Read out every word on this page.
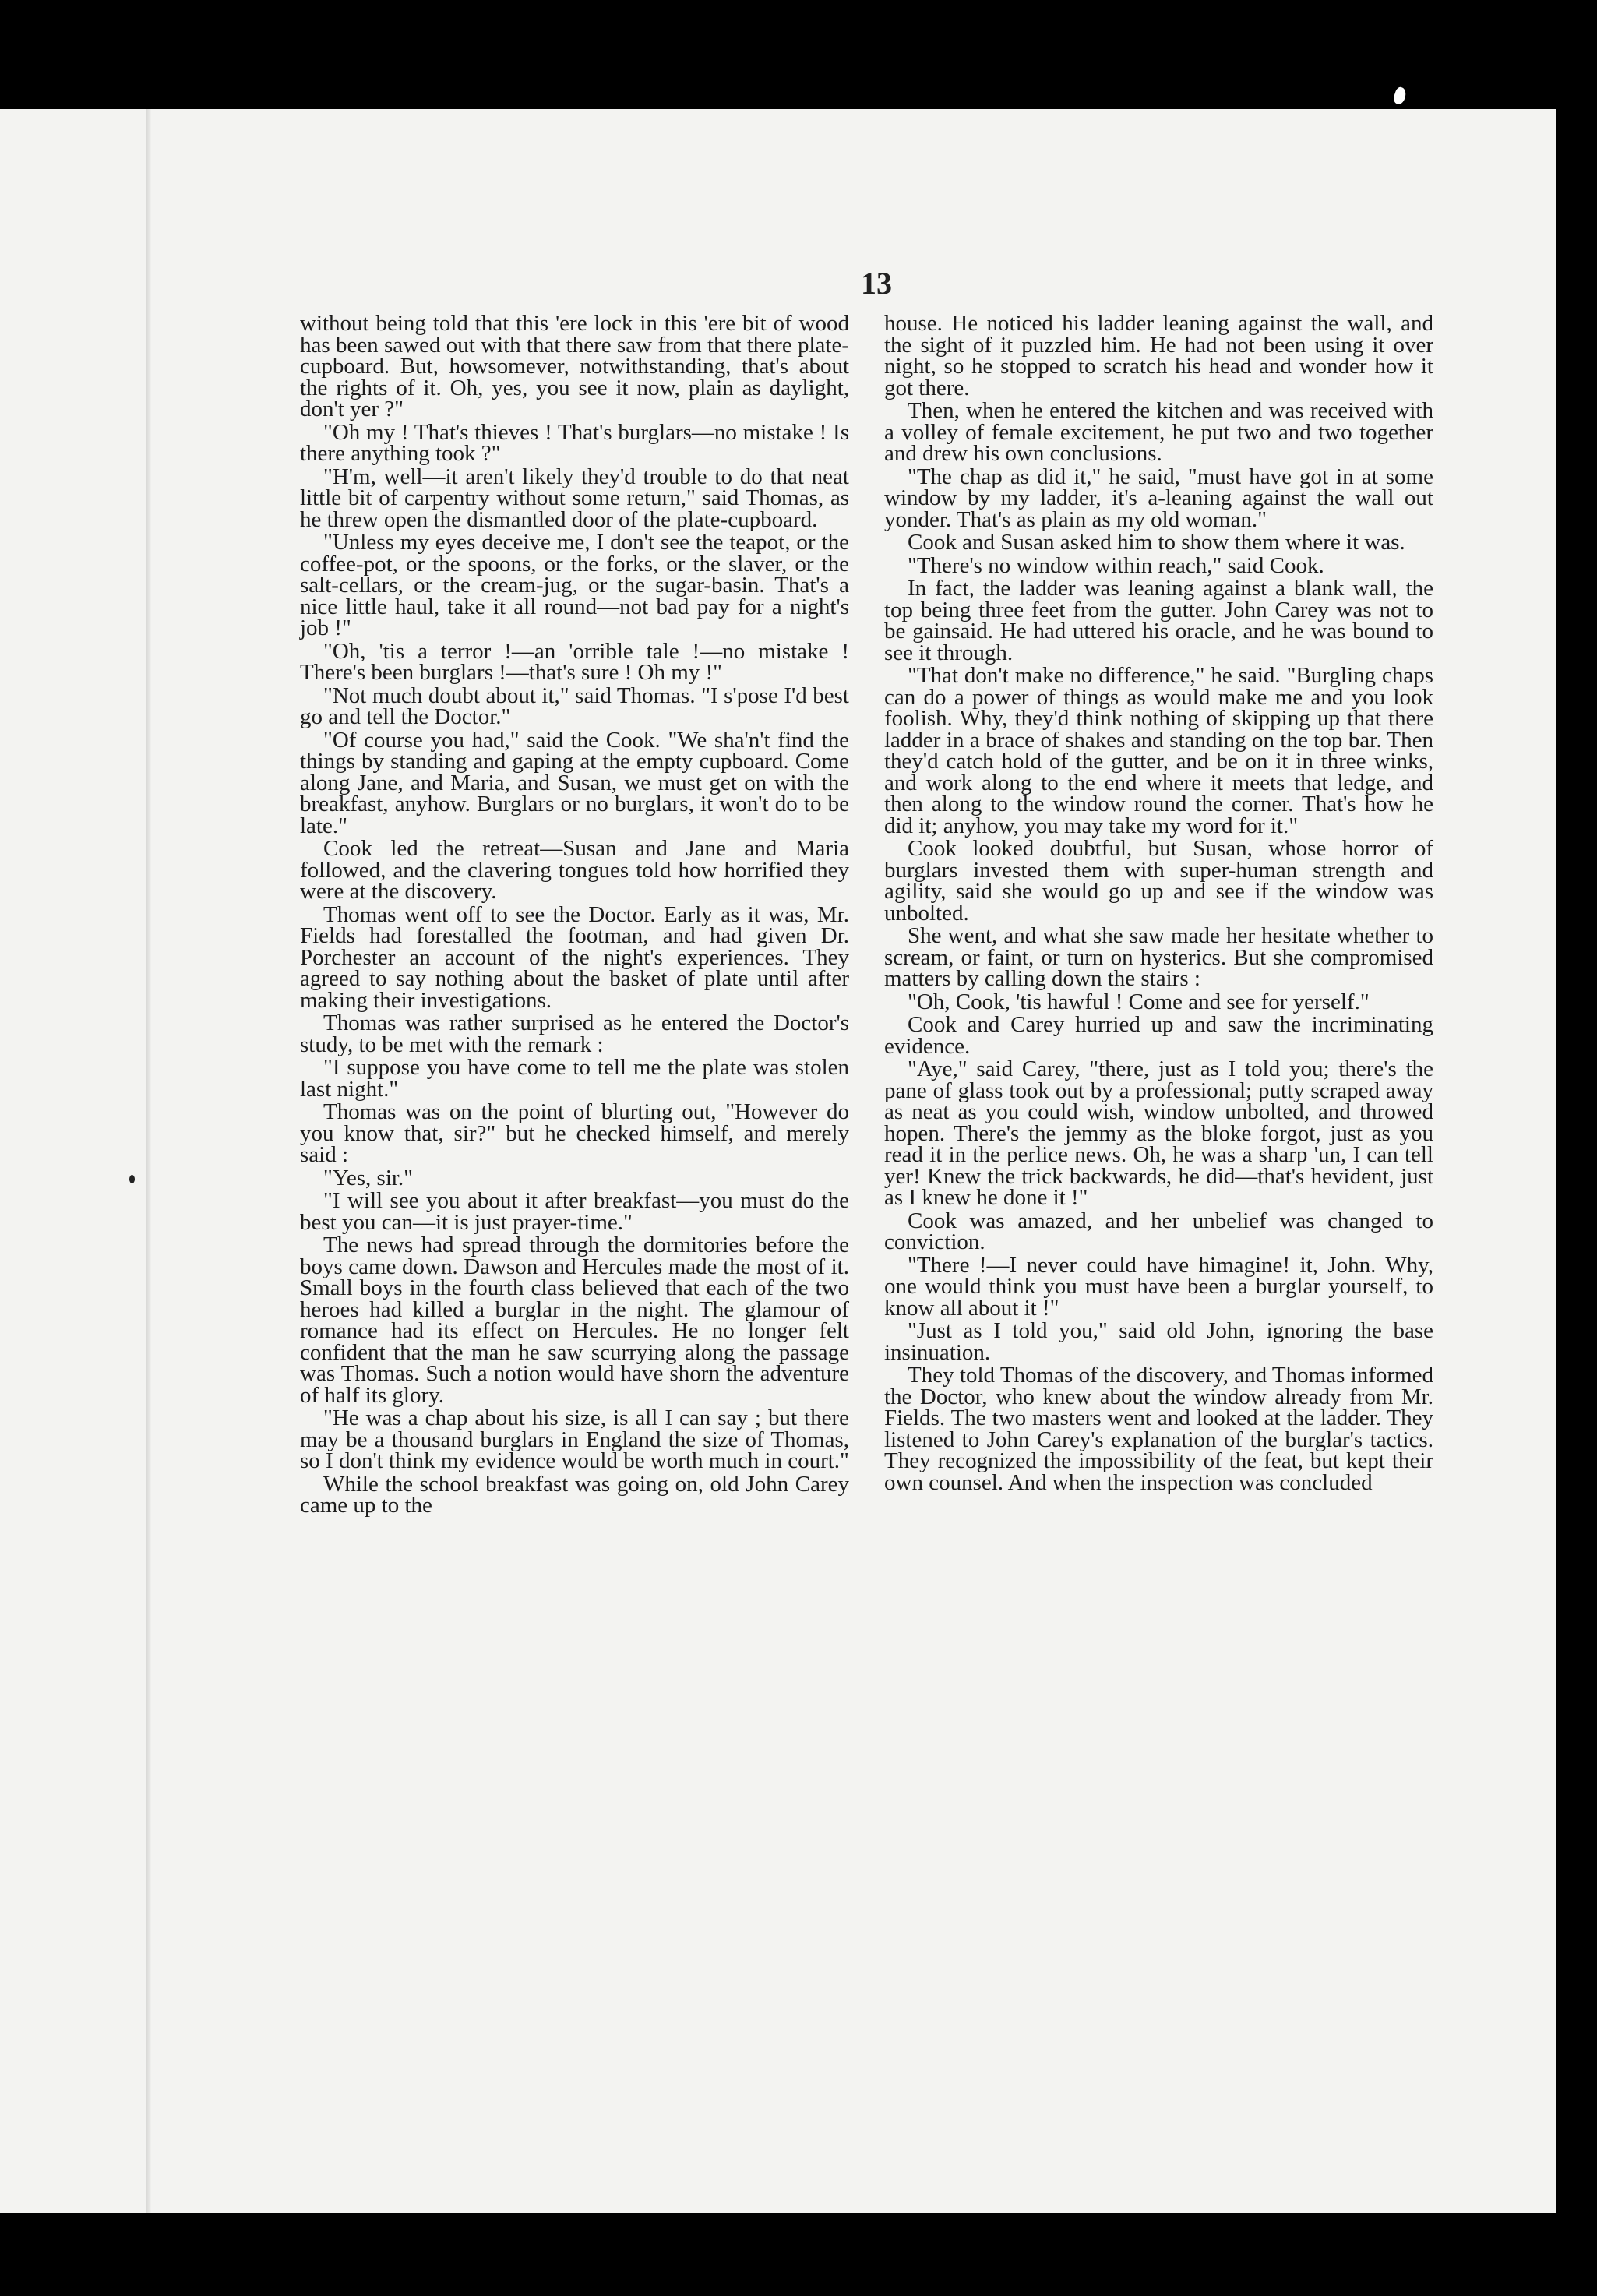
13

without being told that this 'ere lock in this 'ere bit of wood has been sawed out with that there saw from that there plate-cupboard. But, howsomever, notwithstanding, that's about the rights of it. Oh, yes, you see it now, plain as daylight, don't yer ?"

"Oh my ! That's thieves ! That's burglars—no mistake ! Is there anything took ?"

"H'm, well—it aren't likely they'd trouble to do that neat little bit of carpentry without some return," said Thomas, as he threw open the dismantled door of the plate-cupboard.

"Unless my eyes deceive me, I don't see the teapot, or the coffee-pot, or the spoons, or the forks, or the slaver, or the salt-cellars, or the cream-jug, or the sugar-basin. That's a nice little haul, take it all round—not bad pay for a night's job !"

"Oh, 'tis a terror !—an 'orrible tale !—no mistake ! There's been burglars !—that's sure ! Oh my !"

"Not much doubt about it," said Thomas. "I s'pose I'd best go and tell the Doctor."

"Of course you had," said the Cook. "We sha'n't find the things by standing and gaping at the empty cupboard. Come along Jane, and Maria, and Susan, we must get on with the breakfast, anyhow. Burglars or no burglars, it won't do to be late."

Cook led the retreat—Susan and Jane and Maria followed, and the clavering tongues told how horrified they were at the discovery.

Thomas went off to see the Doctor. Early as it was, Mr. Fields had forestalled the footman, and had given Dr. Porchester an account of the night's experiences. They agreed to say nothing about the basket of plate until after making their investigations.

Thomas was rather surprised as he entered the Doctor's study, to be met with the remark :

"I suppose you have come to tell me the plate was stolen last night."

Thomas was on the point of blurting out, "However do you know that, sir?" but he checked himself, and merely said :

"Yes, sir."

"I will see you about it after breakfast—you must do the best you can—it is just prayer-time."

The news had spread through the dormitories before the boys came down. Dawson and Hercules made the most of it. Small boys in the fourth class believed that each of the two heroes had killed a burglar in the night. The glamour of romance had its effect on Hercules. He no longer felt confident that the man he saw scurrying along the passage was Thomas. Such a notion would have shorn the adventure of half its glory.

"He was a chap about his size, is all I can say ; but there may be a thousand burglars in England the size of Thomas, so I don't think my evidence would be worth much in court."

While the school breakfast was going on, old John Carey came up to the

house. He noticed his ladder leaning against the wall, and the sight of it puzzled him. He had not been using it over night, so he stopped to scratch his head and wonder how it got there.

Then, when he entered the kitchen and was received with a volley of female excitement, he put two and two together and drew his own conclusions.

"The chap as did it," he said, "must have got in at some window by my ladder, it's a-leaning against the wall out yonder. That's as plain as my old woman."

Cook and Susan asked him to show them where it was.

"There's no window within reach," said Cook.

In fact, the ladder was leaning against a blank wall, the top being three feet from the gutter. John Carey was not to be gainsaid. He had uttered his oracle, and he was bound to see it through.

"That don't make no difference," he said. "Burgling chaps can do a power of things as would make me and you look foolish. Why, they'd think nothing of skipping up that there ladder in a brace of shakes and standing on the top bar. Then they'd catch hold of the gutter, and be on it in three winks, and work along to the end where it meets that ledge, and then along to the window round the corner. That's how he did it; anyhow, you may take my word for it."

Cook looked doubtful, but Susan, whose horror of burglars invested them with super-human strength and agility, said she would go up and see if the window was unbolted.

She went, and what she saw made her hesitate whether to scream, or faint, or turn on hysterics. But she compromised matters by calling down the stairs :

"Oh, Cook, 'tis hawful ! Come and see for yerself."

Cook and Carey hurried up and saw the incriminating evidence.

"Aye," said Carey, "there, just as I told you; there's the pane of glass took out by a professional; putty scraped away as neat as you could wish, window unbolted, and throwed hopen. There's the jemmy as the bloke forgot, just as you read it in the perlice news. Oh, he was a sharp 'un, I can tell yer! Knew the trick backwards, he did—that's hevident, just as I knew he done it !"

Cook was amazed, and her unbelief was changed to conviction.

"There !—I never could have himagine! it, John. Why, one would think you must have been a burglar yourself, to know all about it !"

"Just as I told you," said old John, ignoring the base insinuation.

They told Thomas of the discovery, and Thomas informed the Doctor, who knew about the window already from Mr. Fields. The two masters went and looked at the ladder. They listened to John Carey's explanation of the burglar's tactics. They recognized the impossibility of the feat, but kept their own counsel. And when the inspection was concluded
